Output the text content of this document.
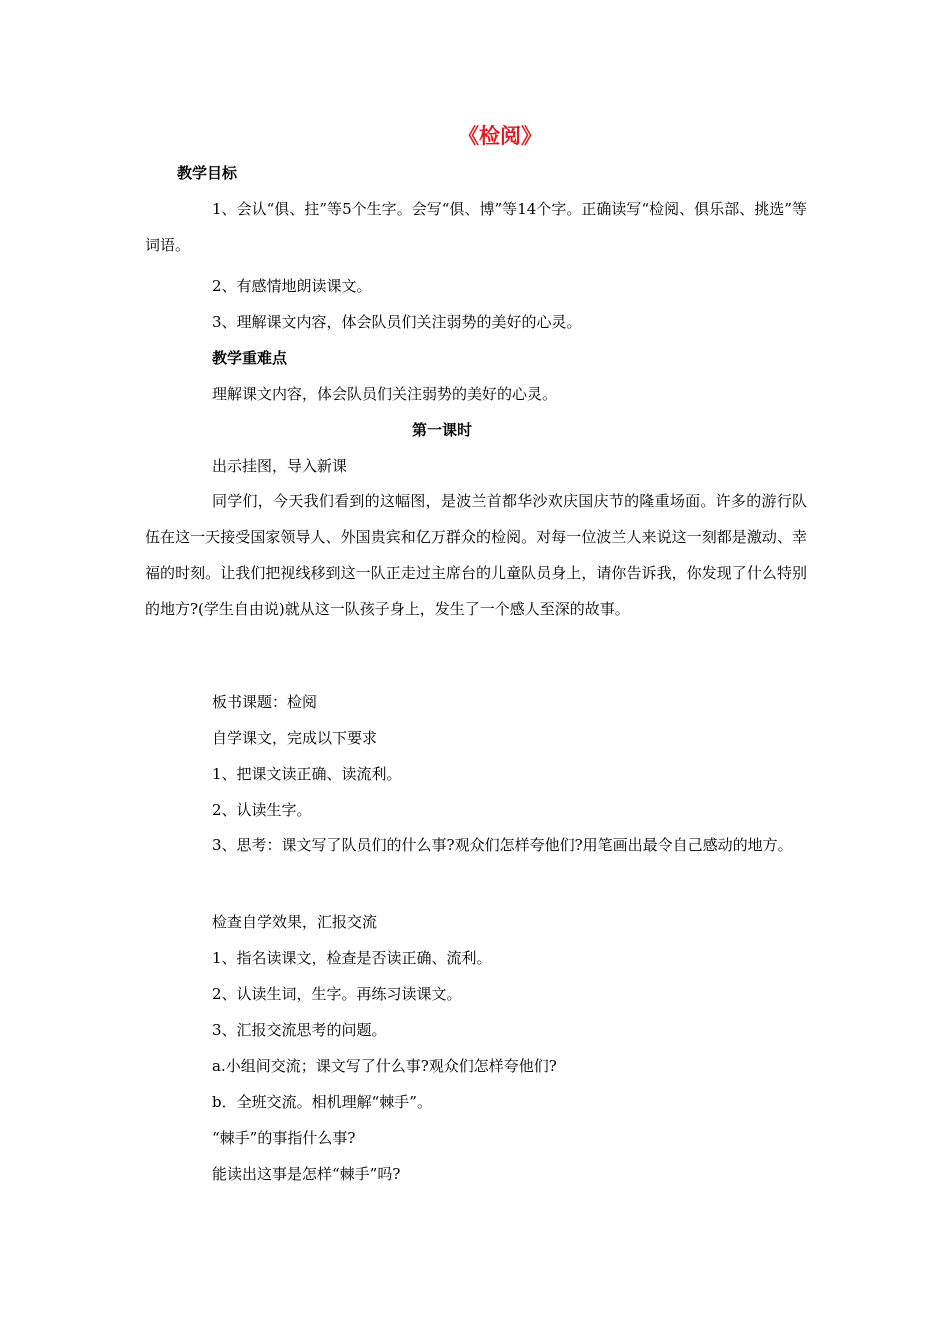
《检阅》
教学目标
1、会认“俱、拄”等5个生字。会写“俱、博”等14个字。正确读写“检阅、俱乐部、挑选”等词语。
2、有感情地朗读课文。
3、理解课文内容，体会队员们关注弱势的美好的心灵。
教学重难点
理解课文内容，体会队员们关注弱势的美好的心灵。
第一课时
出示挂图，导入新课
同学们，今天我们看到的这幅图，是波兰首都华沙欢庆国庆节的隆重场面。许多的游行队伍在这一天接受国家领导人、外国贵宾和亿万群众的检阅。对每一位波兰人来说这一刻都是激动、幸福的时刻。让我们把视线移到这一队正走过主席台的儿童队员身上，请你告诉我，你发现了什么特别的地方?(学生自由说)就从这一队孩子身上，发生了一个感人至深的故事。
板书课题：检阅
自学课文，完成以下要求
1、把课文读正确、读流利。
2、认读生字。
3、思考：课文写了队员们的什么事?观众们怎样夸他们?用笔画出最令自己感动的地方。
检查自学效果，汇报交流
1、指名读课文，检查是否读正确、流利。
2、认读生词，生字。再练习读课文。
3、汇报交流思考的问题。
a.小组间交流；课文写了什么事?观众们怎样夸他们?
b．全班交流。相机理解“棘手”。
“棘手”的事指什么事?
能读出这事是怎样“棘手”吗?
